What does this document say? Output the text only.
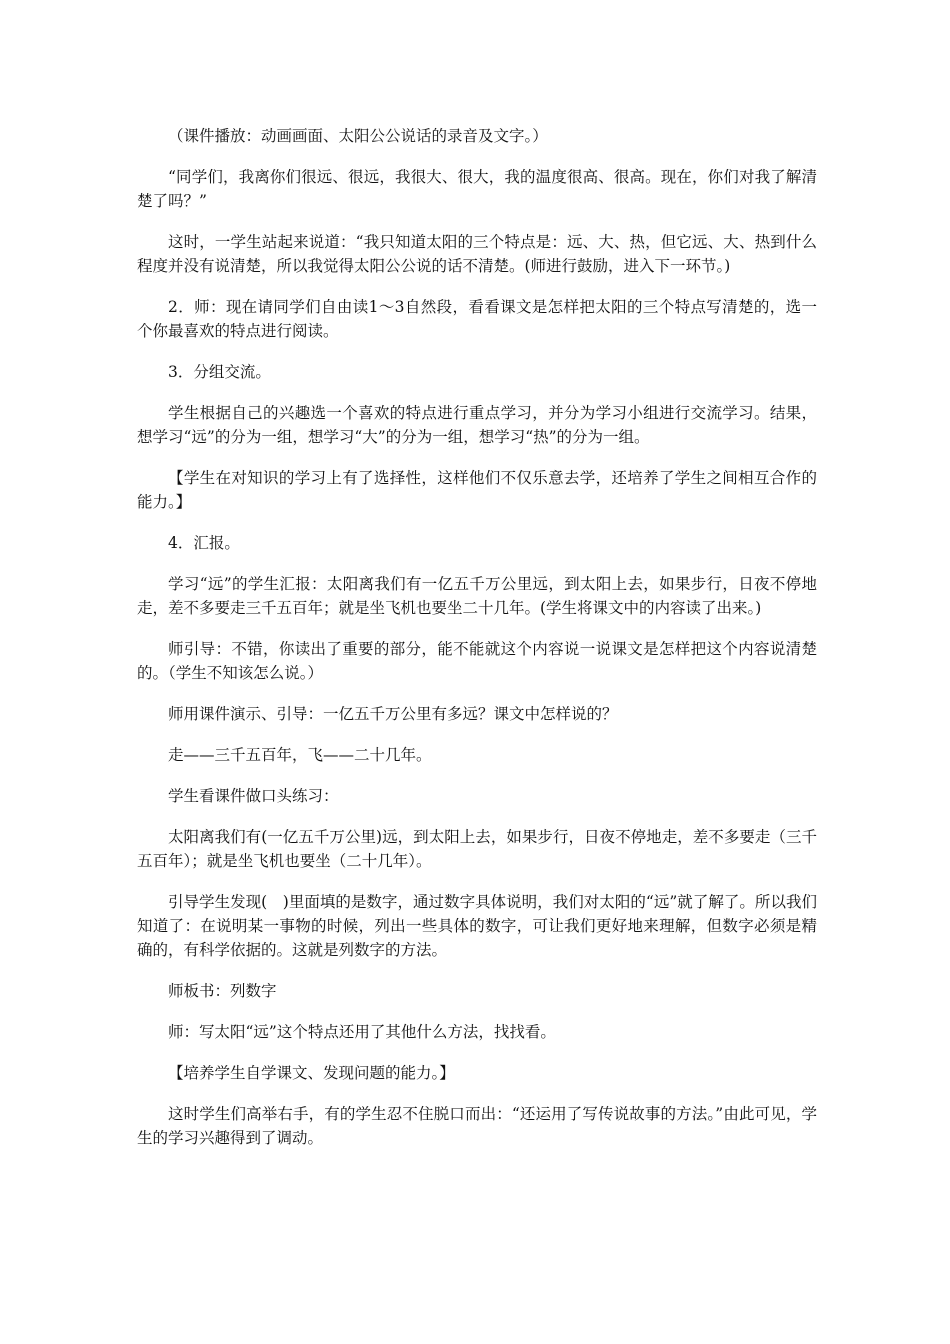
（课件播放：动画画面、太阳公公说话的录音及文字。）

“同学们，我离你们很远、很远，我很大、很大，我的温度很高、很高。现在，你们对我了解清楚了吗？”

这时，一学生站起来说道：“我只知道太阳的三个特点是：远、大、热，但它远、大、热到什么程度并没有说清楚，所以我觉得太阳公公说的话不清楚。(师进行鼓励，进入下一环节。)

2．师：现在请同学们自由读1～3自然段，看看课文是怎样把太阳的三个特点写清楚的，选一个你最喜欢的特点进行阅读。

3．分组交流。

学生根据自己的兴趣选一个喜欢的特点进行重点学习，并分为学习小组进行交流学习。结果，想学习“远”的分为一组，想学习“大”的分为一组，想学习“热”的分为一组。

【学生在对知识的学习上有了选择性，这样他们不仅乐意去学，还培养了学生之间相互合作的能力。】

4．汇报。

学习“远”的学生汇报：太阳离我们有一亿五千万公里远，到太阳上去，如果步行，日夜不停地走，差不多要走三千五百年；就是坐飞机也要坐二十几年。(学生将课文中的内容读了出来。)

师引导：不错，你读出了重要的部分，能不能就这个内容说一说课文是怎样把这个内容说清楚的。（学生不知该怎么说。）

师用课件演示、引导：一亿五千万公里有多远？课文中怎样说的？

走——三千五百年，飞——二十几年。

学生看课件做口头练习：

太阳离我们有(一亿五千万公里)远，到太阳上去，如果步行，日夜不停地走，差不多要走（三千五百年）；就是坐飞机也要坐（二十几年）。

引导学生发现(　)里面填的是数字，通过数字具体说明，我们对太阳的“远”就了解了。所以我们知道了：在说明某一事物的时候，列出一些具体的数字，可让我们更好地来理解，但数字必须是精确的，有科学依据的。这就是列数字的方法。

师板书：列数字

师：写太阳“远”这个特点还用了其他什么方法，找找看。

【培养学生自学课文、发现问题的能力。】

这时学生们高举右手，有的学生忍不住脱口而出：“还运用了写传说故事的方法。”由此可见，学生的学习兴趣得到了调动。
